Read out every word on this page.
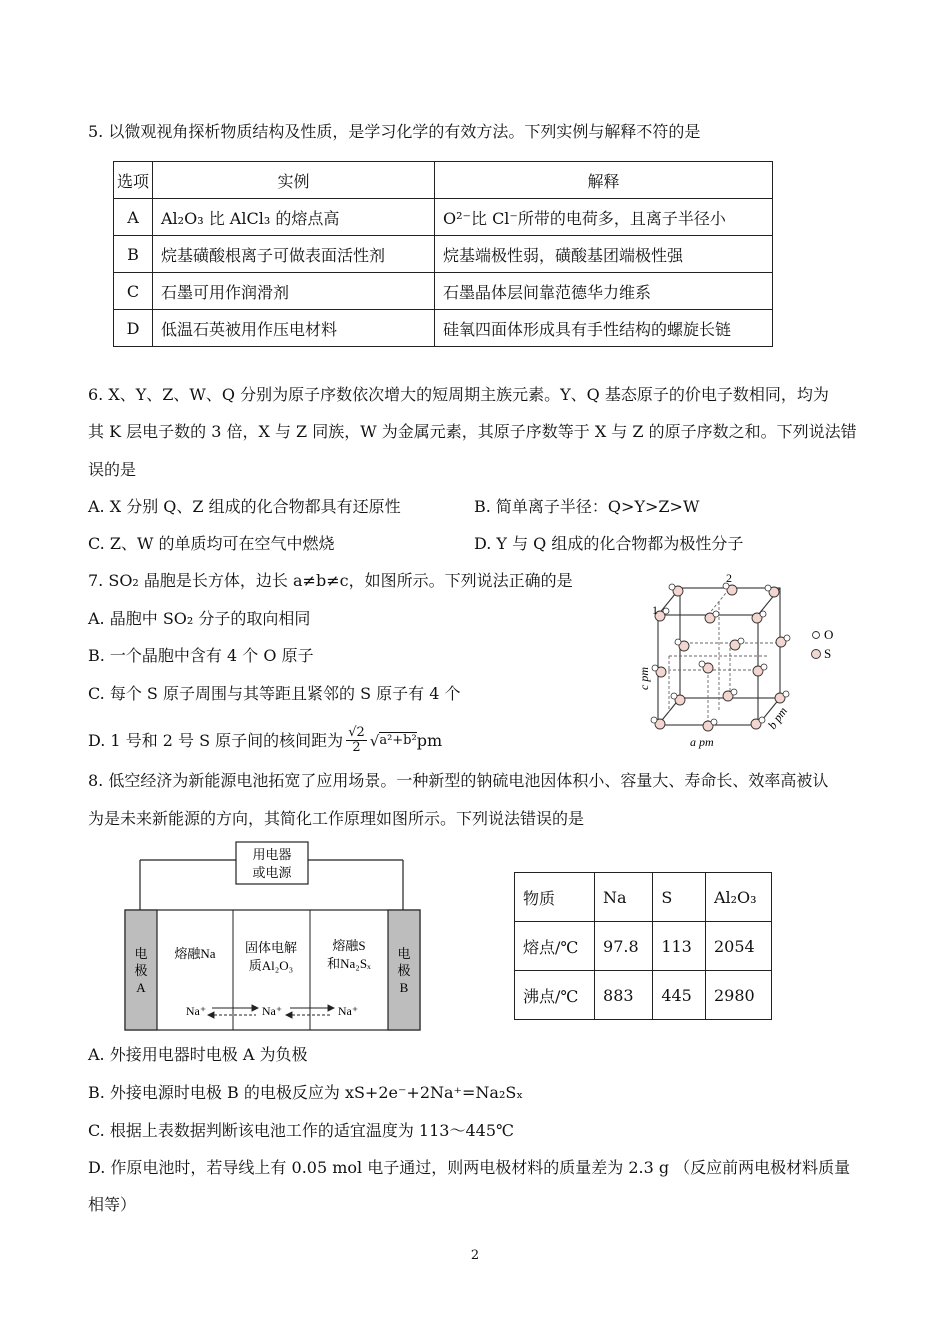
5. 以微观视角探析物质结构及性质，是学习化学的有效方法。下列实例与解释不符的是
选项	实例	解释
A	Al₂O₃ 比 AlCl₃ 的熔点高	O²⁻比 Cl⁻所带的电荷多，且离子半径小
B	烷基磺酸根离子可做表面活性剂	烷基端极性弱，磺酸基团端极性强
C	石墨可用作润滑剂	石墨晶体层间靠范德华力维系
D	低温石英被用作压电材料	硅氧四面体形成具有手性结构的螺旋长链
6. X、Y、Z、W、Q 分别为原子序数依次增大的短周期主族元素。Y、Q 基态原子的价电子数相同，均为
其 K 层电子数的 3 倍，X 与 Z 同族，W 为金属元素，其原子序数等于 X 与 Z 的原子序数之和。下列说法错
误的是
A. X 分别 Q、Z 组成的化合物都具有还原性	B. 简单离子半径：Q>Y>Z>W
C. Z、W 的单质均可在空气中燃烧	D. Y 与 Q 组成的化合物都为极性分子
7. SO₂ 晶胞是长方体，边长 a≠b≠c，如图所示。下列说法正确的是
A. 晶胞中 SO₂ 分子的取向相同
B. 一个晶胞中含有 4 个 O 原子
C. 每个 S 原子周围与其等距且紧邻的 S 原子有 4 个
D. 1 号和 2 号 S 原子间的核间距为 $\frac{√2}{2}$ √ a²+b² pm
1
2
O
S
a pm
b pm
c pm
8. 低空经济为新能源电池拓宽了应用场景。一种新型的钠硫电池因体积小、容量大、寿命长、效率高被认
为是未来新能源的方向，其简化工作原理如图所示。下列说法错误的是
用电器
或电源
电
极
A
电
极
B
熔融Na 固体电解
质Al₂O₃
熔融S
和Na₂Sₓ
Na⁺	Na⁺	Na⁺
物质	Na	S	Al₂O₃
熔点/℃	97.8	113	2054
沸点/℃	883	445	2980
A. 外接用电器时电极 A 为负极
B. 外接电源时电极 B 的电极反应为 xS+2e⁻+2Na⁺=Na₂Sₓ
C. 根据上表数据判断该电池工作的适宜温度为 113～445℃
D. 作原电池时，若导线上有 0.05 mol 电子通过，则两电极材料的质量差为 2.3 g （反应前两电极材料质量
相等）
2
